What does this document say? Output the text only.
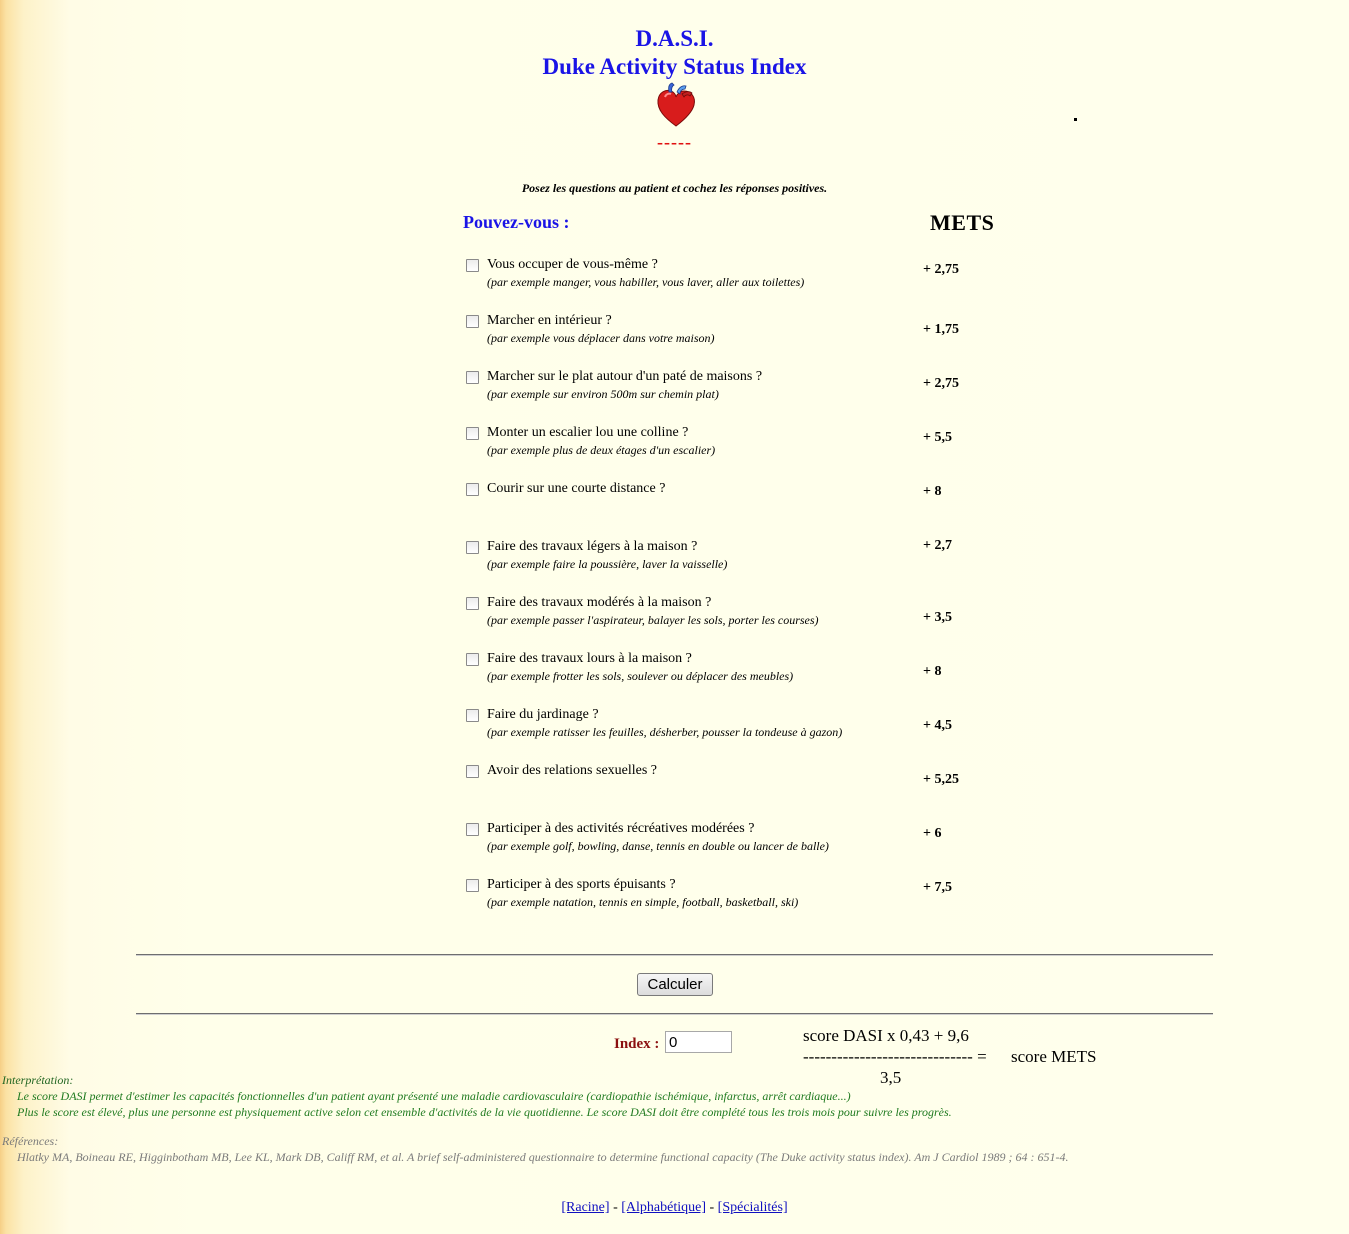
D.A.S.I.
Duke Activity Status Index
-----
Posez les questions au patient et cochez les réponses positives.
Pouvez-vous :	METS
Vous occuper de vous-même ?
(par exemple manger, vous habiller, vous laver, aller aux toilettes)
+ 2,75
Marcher en intérieur ?
(par exemple vous déplacer dans votre maison)
+ 1,75
Marcher sur le plat autour d'un paté de maisons ?
(par exemple sur environ 500m sur chemin plat)
+ 2,75
Monter un escalier lou une colline ?
(par exemple plus de deux étages d'un escalier)
+ 5,5
Courir sur une courte distance ?	+ 8
Faire des travaux légers à la maison ?
(par exemple faire la poussière, laver la vaisselle)
+ 2,7
Faire des travaux modérés à la maison ?
(par exemple passer l'aspirateur, balayer les sols, porter les courses)	+ 3,5
Faire des travaux lours à la maison ?
(par exemple frotter les sols, soulever ou déplacer des meubles)	+ 8
Faire du jardinage ?
(par exemple ratisser les feuilles, désherber, pousser la tondeuse à gazon)	+ 4,5
Avoir des relations sexuelles ?
+ 5,25
Participer à des activités récréatives modérées ?
(par exemple golf, bowling, danse, tennis en double ou lancer de balle)
+ 6
Participer à des sports épuisants ?
(par exemple natation, tennis en simple, football, basketball, ski)
+ 7,5
Calculer
Index :
0	score DASI x 0,43 + 9,6
------------------------------ = score METS
3,5
Interprétation:
Le score DASI permet d'estimer les capacités fonctionnelles d'un patient ayant présenté une maladie cardiovasculaire (cardiopathie ischémique, infarctus, arrêt cardiaque...)
Plus le score est élevé, plus une personne est physiquement active selon cet ensemble d'activités de la vie quotidienne. Le score DASI doit être complété tous les trois mois pour suivre les progrès.
Références:
Hlatky MA, Boineau RE, Higginbotham MB, Lee KL, Mark DB, Califf RM, et al. A brief self-administered questionnaire to determine functional capacity (The Duke activity status index). Am J Cardiol 1989 ; 64 : 651-4.
[Racine] - [Alphabétique] - [Spécialités]
